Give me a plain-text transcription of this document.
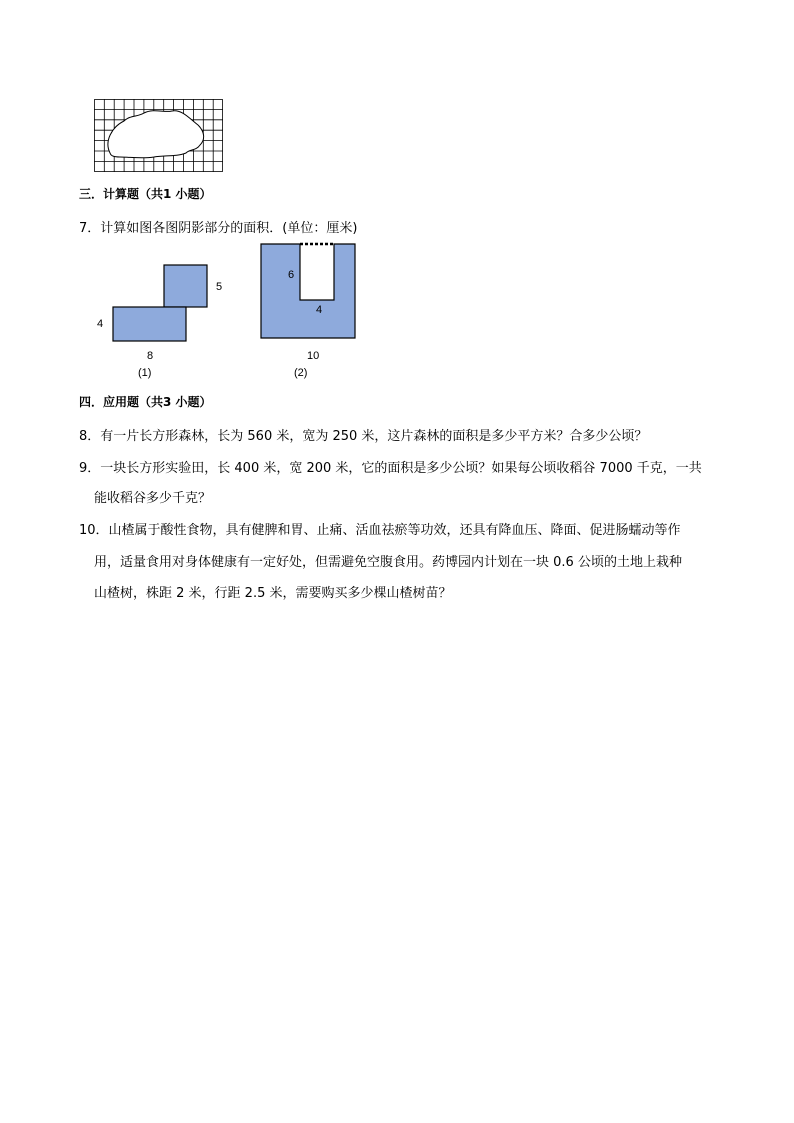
三．计算题（共1 小题）
7．计算如图各图阴影部分的面积．(单位：厘米)
5
4
8
(1)
6
4
10
(2)
四．应用题（共3 小题）
8．有一片长方形森林，长为 560 米，宽为 250 米，这片森林的面积是多少平方米？合多少公顷？
9．一块长方形实验田，长 400 米，宽 200 米，它的面积是多少公顷？如果每公顷收稻谷 7000 千克，一共
能收稻谷多少千克？
10．山楂属于酸性食物，具有健脾和胃、止痛、活血祛瘀等功效，还具有降血压、降面、促进肠蠕动等作
用，适量食用对身体健康有一定好处，但需避免空腹食用。药博园内计划在一块 0.6 公顷的土地上栽种
山楂树，株距 2 米，行距 2.5 米，需要购买多少棵山楂树苗？
